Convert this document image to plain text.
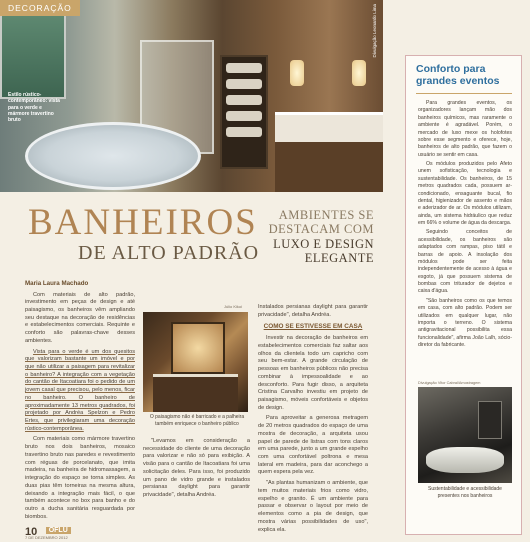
DECORAÇÃO
Estilo rústico-contemporâneo: vista para o verde e mármore travertino bruto
Divulgação Leonardo Lima
BANHEIROS
DE ALTO PADRÃO
AMBIENTES SE
DESTACAM COM
LUXO E DESIGN
ELEGANTE

Maria Laura Machado

Com materiais de alto padrão, investimento em peças de design e até paisagismo, os banheiros vêm ampliando seu destaque na decoração de residências e estabelecimentos comerciais. Requinte e conforto são palavras-chave desses ambientes.

Vista para o verde é um dos quesitos que valorizam bastante um imóvel e por que não utilizar a paisagem para revitalizar o banheiro? A integração com a vegetação do cantão de Itacoatiara foi o pedido de um jovem casal que precisou, pelo menos, ficar no banheiro. O banheiro de aproximadamente 13 metros quadrados, foi projetado por Andréa Spelzon e Pedro Ertes, que privilegiaram uma decoração rústico-contemporânea.

Com materiais como mármore travertino bruto nos dois banheiros, mosaico travertino bruto nas paredes e revestimento com réguas de porcelanato, que imita madeira, na banheira de hidromassagem, a integração do espaço se torna simples. As duas pias têm torneiras na mesma altura, deixando a integração mais fácil, o que também acontece no box para banho e do outro a ducha sanitária resguardada por biombos.

Júlio Kikoi
O paisagismo não é barricado e a palheira também enriquece o banheiro público

"Levamos em consideração a necessidade do cliente de uma decoração para valorizar e não só para exibição. A visão para o cantão de Itacoatiara foi uma solicitação deles. Para isso, foi produzido um pano de vidro grande e instalados persianas daylight para garantir privacidade", detalha Andréa.

Instalados persianas daylight para garantir privacidade", detalha Andréa.

COMO SE ESTIVESSE EM CASA

Investir na decoração de banheiros em estabelecimentos comerciais faz saltar aos olhos da clientela todo um capricho com seu bem-estar. A grande circulação de pessoas em banheiros públicos não precisa combinar à impessoalidade e ao desconforto. Para fugir disso, a arquiteta Cristina Carvalho investiu em projeto de paisagismo, móveis confortáveis e objetos de design.

Para aproveitar a generosa metragem de 20 metros quadrados do espaço de uma mostra de decoração, a arquiteta usou papel de parede de listras com tons claros em uma parede, junto a um grande espelho com uma confortável poltrona e mesa lateral em madeira, para dar aconchego a quem espera pela vez.

"As plantas humanizam o ambiente, que tem muitos materiais frios como vidro, espelho e granito. É um ambiente para passar e observar o layout por meio de elementos como a pia de design, que mostra várias possibilidades de uso", explica ela.

10 OFLU
7 DE DEZEMBRO 2012
Conforto para grandes eventos

Para grandes eventos, os organizadores lançam mão dos banheiros químicos, mas raramente o ambiente é agradável. Porém, o mercado de luxo mexe os holofotes sobre esse segmento e oferece, hoje, banheiros de alto padrão, que fazem o usuário se sentir em casa.

Os módulos produzidos pelo Afeto unem sofisticação, tecnologia e sustentabilidade. Os banheiros, de 15 metros quadrados cada, possuem ar-condicionado, ensaguante bucal, fio dental, higienizador de assento e mãos e aderizador de ar. Os módulos utilizam, ainda, um sistema hidráulico que reduz em 66% o volume de água da descarga.

Seguindo conceitos de acessibilidade, os banheiros são adaptados com rampas, piso tátil e barras de apoio. A insolação dos módulos pode ser feita independentemente de acesso à água e esgoto, já que possuem sistema de bombas com triturador de dejetos e caixa d'água.

"São banheiros como os que temos em casa, com alto padrão. Podem ser utilizados em qualquer lugar, não importa o terreno. O sistema antigravitacional possibilita essa funcionalidade", afirma João Lalh, sócio-diretor da fabricante.

Divulgação Vitor Cabral/Amostragem
Sustentabilidade e acessibilidade presentes nos banheiros
